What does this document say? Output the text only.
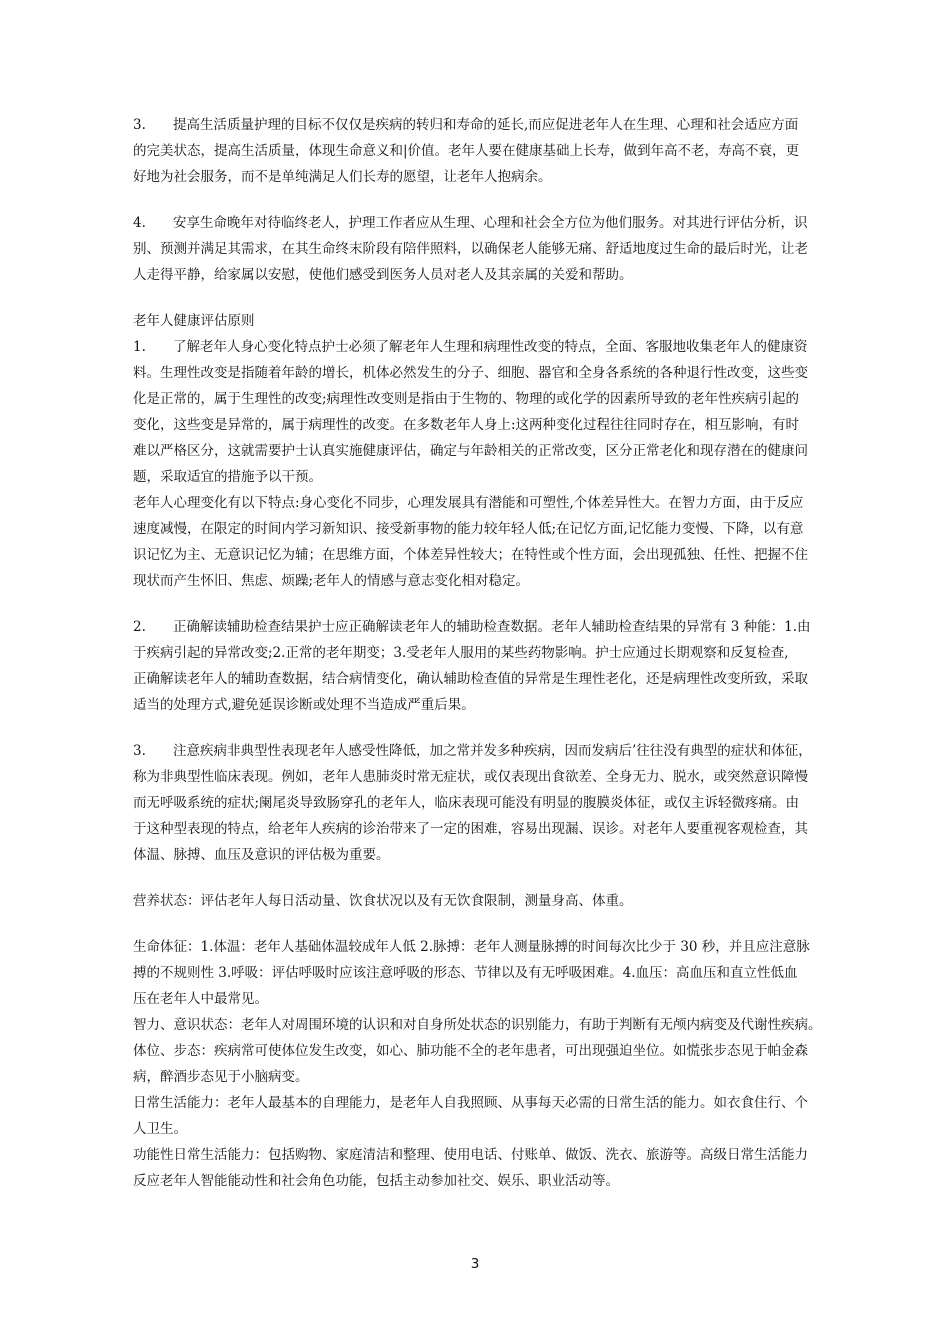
3. 提高生活质量护理的目标不仅仅是疾病的转归和寿命的延长,而应促进老年人在生理、心理和社会适应方面
的完美状态，提高生活质量，体现生命意义和|价值。老年人要在健康基础上长寿，做到年高不老，寿高不衰，更
好地为社会服务，而不是单纯满足人们长寿的愿望，让老年人抱病余。
4. 安享生命晚年对待临终老人，护理工作者应从生理、心理和社会全方位为他们服务。对其进行评估分析，识
别、预测并满足其需求，在其生命终末阶段有陪伴照料，以确保老人能够无痛、舒适地度过生命的最后时光，让老
人走得平静，给家属以安慰，使他们感受到医务人员对老人及其亲属的关爱和帮助。
老年人健康评估原则
1. 了解老年人身心变化特点护士必须了解老年人生理和病理性改变的特点，全面、客服地收集老年人的健康资
料。生理性改变是指随着年龄的增长，机体必然发生的分子、细胞、器官和全身各系统的各种退行性改变，这些变
化是正常的，属于生理性的改变;病理性改变则是指由于生物的、物理的或化学的因素所导致的老年性疾病引起的
变化，这些变是异常的，属于病理性的改变。在多数老年人身上:这两种变化过程往往同时存在，相互影响，有时
难以严格区分，这就需要护士认真实施健康评估，确定与年龄相关的正常改变，区分正常老化和现存潜在的健康问
题，采取适宜的措施予以干预。
老年人心理变化有以下特点:身心变化不同步，心理发展具有潜能和可塑性,个体差异性大。在智力方面，由于反应
速度减慢，在限定的时间内学习新知识、接受新事物的能力较年轻人低;在记忆方面,记忆能力变慢、下降，以有意
识记忆为主、无意识记忆为辅；在思维方面，个体差异性较大；在特性或个性方面，会出现孤独、任性、把握不住
现状而产生怀旧、焦虑、烦躁;老年人的情感与意志变化相对稳定。
2. 正确解读辅助检查结果护士应正确解读老年人的辅助检查数据。老年人辅助检查结果的异常有 3 种能：1.由
于疾病引起的异常改变;2.正常的老年期变；3.受老年人服用的某些药物影响。护士应通过长期观察和反复检查,
正确解读老年人的辅助查数据，结合病情变化，确认辅助检查值的异常是生理性老化，还是病理性改变所致，采取
适当的处理方式,避免延误诊断或处理不当造成严重后果。
3. 注意疾病非典型性表现老年人感受性降低，加之常并发多种疾病，因而发病后’往往没有典型的症状和体征，
称为非典型性临床表现。例如，老年人患肺炎时常无症状，或仅表现出食欲差、全身无力、脱水，或突然意识障慢
而无呼吸系统的症状;阑尾炎导致肠穿孔的老年人，临床表现可能没有明显的腹膜炎体征，或仅主诉轻微疼痛。由
于这种型表现的特点，给老年人疾病的诊治带来了一定的困难，容易出现漏、误诊。对老年人要重视客观检查，其
体温、脉搏、血压及意识的评估极为重要。
营养状态：评估老年人每日活动量、饮食状况以及有无饮食限制，测量身高、体重。
生命体征：1.体温：老年人基础体温较成年人低 2.脉搏：老年人测量脉搏的时间每次比少于 30 秒，并且应注意脉
搏的不规则性 3.呼吸：评估呼吸时应该注意呼吸的形态、节律以及有无呼吸困难。4.血压：高血压和直立性低血
压在老年人中最常见。
智力、意识状态：老年人对周围环境的认识和对自身所处状态的识别能力，有助于判断有无颅内病变及代谢性疾病。
体位、步态：疾病常可使体位发生改变，如心、肺功能不全的老年患者，可出现强迫坐位。如慌张步态见于帕金森
病，醉酒步态见于小脑病变。
日常生活能力：老年人最基本的自理能力，是老年人自我照顾、从事每天必需的日常生活的能力。如衣食住行、个
人卫生。
功能性日常生活能力：包括购物、家庭清洁和整理、使用电话、付账单、做饭、洗衣、旅游等。高级日常生活能力
反应老年人智能能动性和社会角色功能，包括主动参加社交、娱乐、职业活动等。
3
